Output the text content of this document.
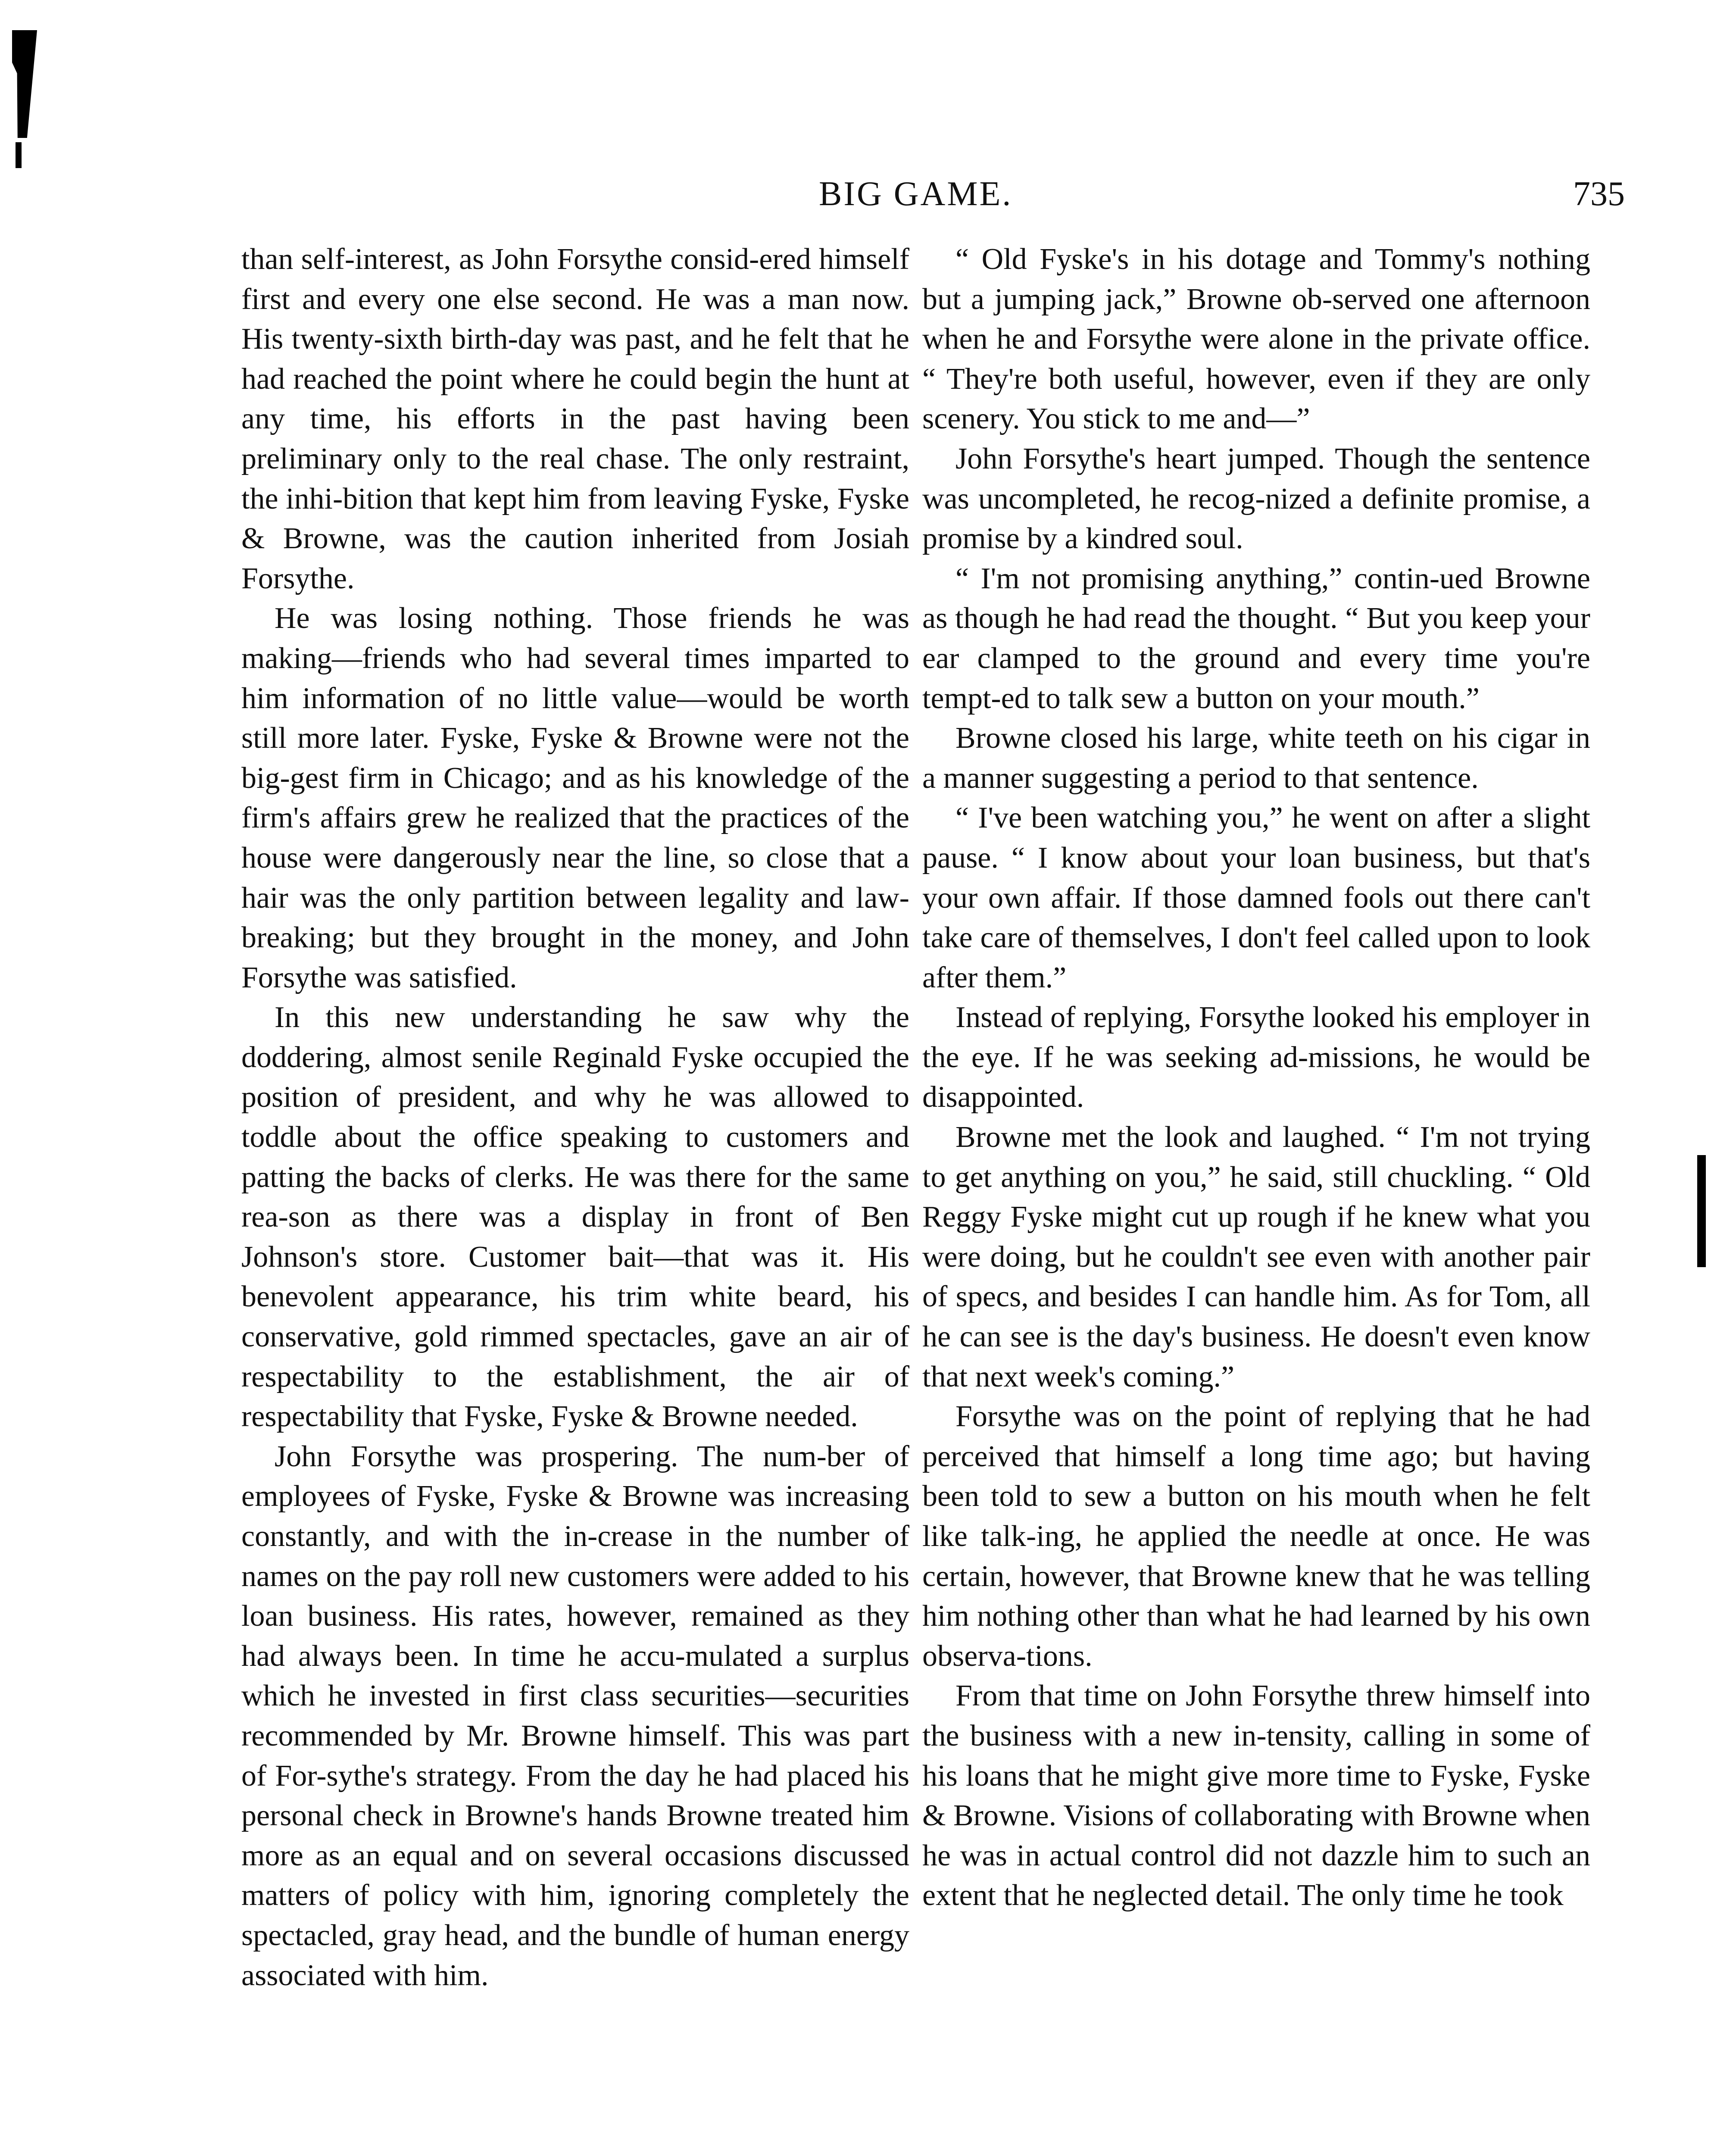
BIG GAME.	735

than self-interest, as John Forsythe consid-ered himself first and every one else second. He was a man now. His twenty-sixth birth-day was past, and he felt that he had reached the point where he could begin the hunt at any time, his efforts in the past having been preliminary only to the real chase. The only restraint, the inhi-bition that kept him from leaving Fyske, Fyske & Browne, was the caution inherited from Josiah Forsythe.

He was losing nothing. Those friends he was making—friends who had several times imparted to him information of no little value—would be worth still more later. Fyske, Fyske & Browne were not the big-gest firm in Chicago; and as his knowledge of the firm's affairs grew he realized that the practices of the house were dangerously near the line, so close that a hair was the only partition between legality and law-breaking; but they brought in the money, and John Forsythe was satisfied.

In this new understanding he saw why the doddering, almost senile Reginald Fyske occupied the position of president, and why he was allowed to toddle about the office speaking to customers and patting the backs of clerks. He was there for the same rea-son as there was a display in front of Ben Johnson's store. Customer bait—that was it. His benevolent appearance, his trim white beard, his conservative, gold rimmed spectacles, gave an air of respectability to the establishment, the air of respectability that Fyske, Fyske & Browne needed.

John Forsythe was prospering. The num-ber of employees of Fyske, Fyske & Browne was increasing constantly, and with the in-crease in the number of names on the pay roll new customers were added to his loan business. His rates, however, remained as they had always been. In time he accu-mulated a surplus which he invested in first class securities—securities recommended by Mr. Browne himself. This was part of For-sythe's strategy. From the day he had placed his personal check in Browne's hands Browne treated him more as an equal and on several occasions discussed matters of policy with him, ignoring completely the spectacled, gray head, and the bundle of human energy associated with him.

“ Old Fyske's in his dotage and Tommy's nothing but a jumping jack,” Browne ob-served one afternoon when he and Forsythe were alone in the private office. “ They're both useful, however, even if they are only scenery. You stick to me and—”

John Forsythe's heart jumped. Though the sentence was uncompleted, he recog-nized a definite promise, a promise by a kindred soul.

“ I'm not promising anything,” contin-ued Browne as though he had read the thought. “ But you keep your ear clamped to the ground and every time you're tempt-ed to talk sew a button on your mouth.”

Browne closed his large, white teeth on his cigar in a manner suggesting a period to that sentence.

“ I've been watching you,” he went on after a slight pause. “ I know about your loan business, but that's your own affair. If those damned fools out there can't take care of themselves, I don't feel called upon to look after them.”

Instead of replying, Forsythe looked his employer in the eye. If he was seeking ad-missions, he would be disappointed.

Browne met the look and laughed. “ I'm not trying to get anything on you,” he said, still chuckling. “ Old Reggy Fyske might cut up rough if he knew what you were doing, but he couldn't see even with another pair of specs, and besides I can handle him. As for Tom, all he can see is the day's business. He doesn't even know that next week's coming.”

Forsythe was on the point of replying that he had perceived that himself a long time ago; but having been told to sew a button on his mouth when he felt like talk-ing, he applied the needle at once. He was certain, however, that Browne knew that he was telling him nothing other than what he had learned by his own observa-tions.

From that time on John Forsythe threw himself into the business with a new in-tensity, calling in some of his loans that he might give more time to Fyske, Fyske & Browne. Visions of collaborating with Browne when he was in actual control did not dazzle him to such an extent that he neglected detail. The only time he took
